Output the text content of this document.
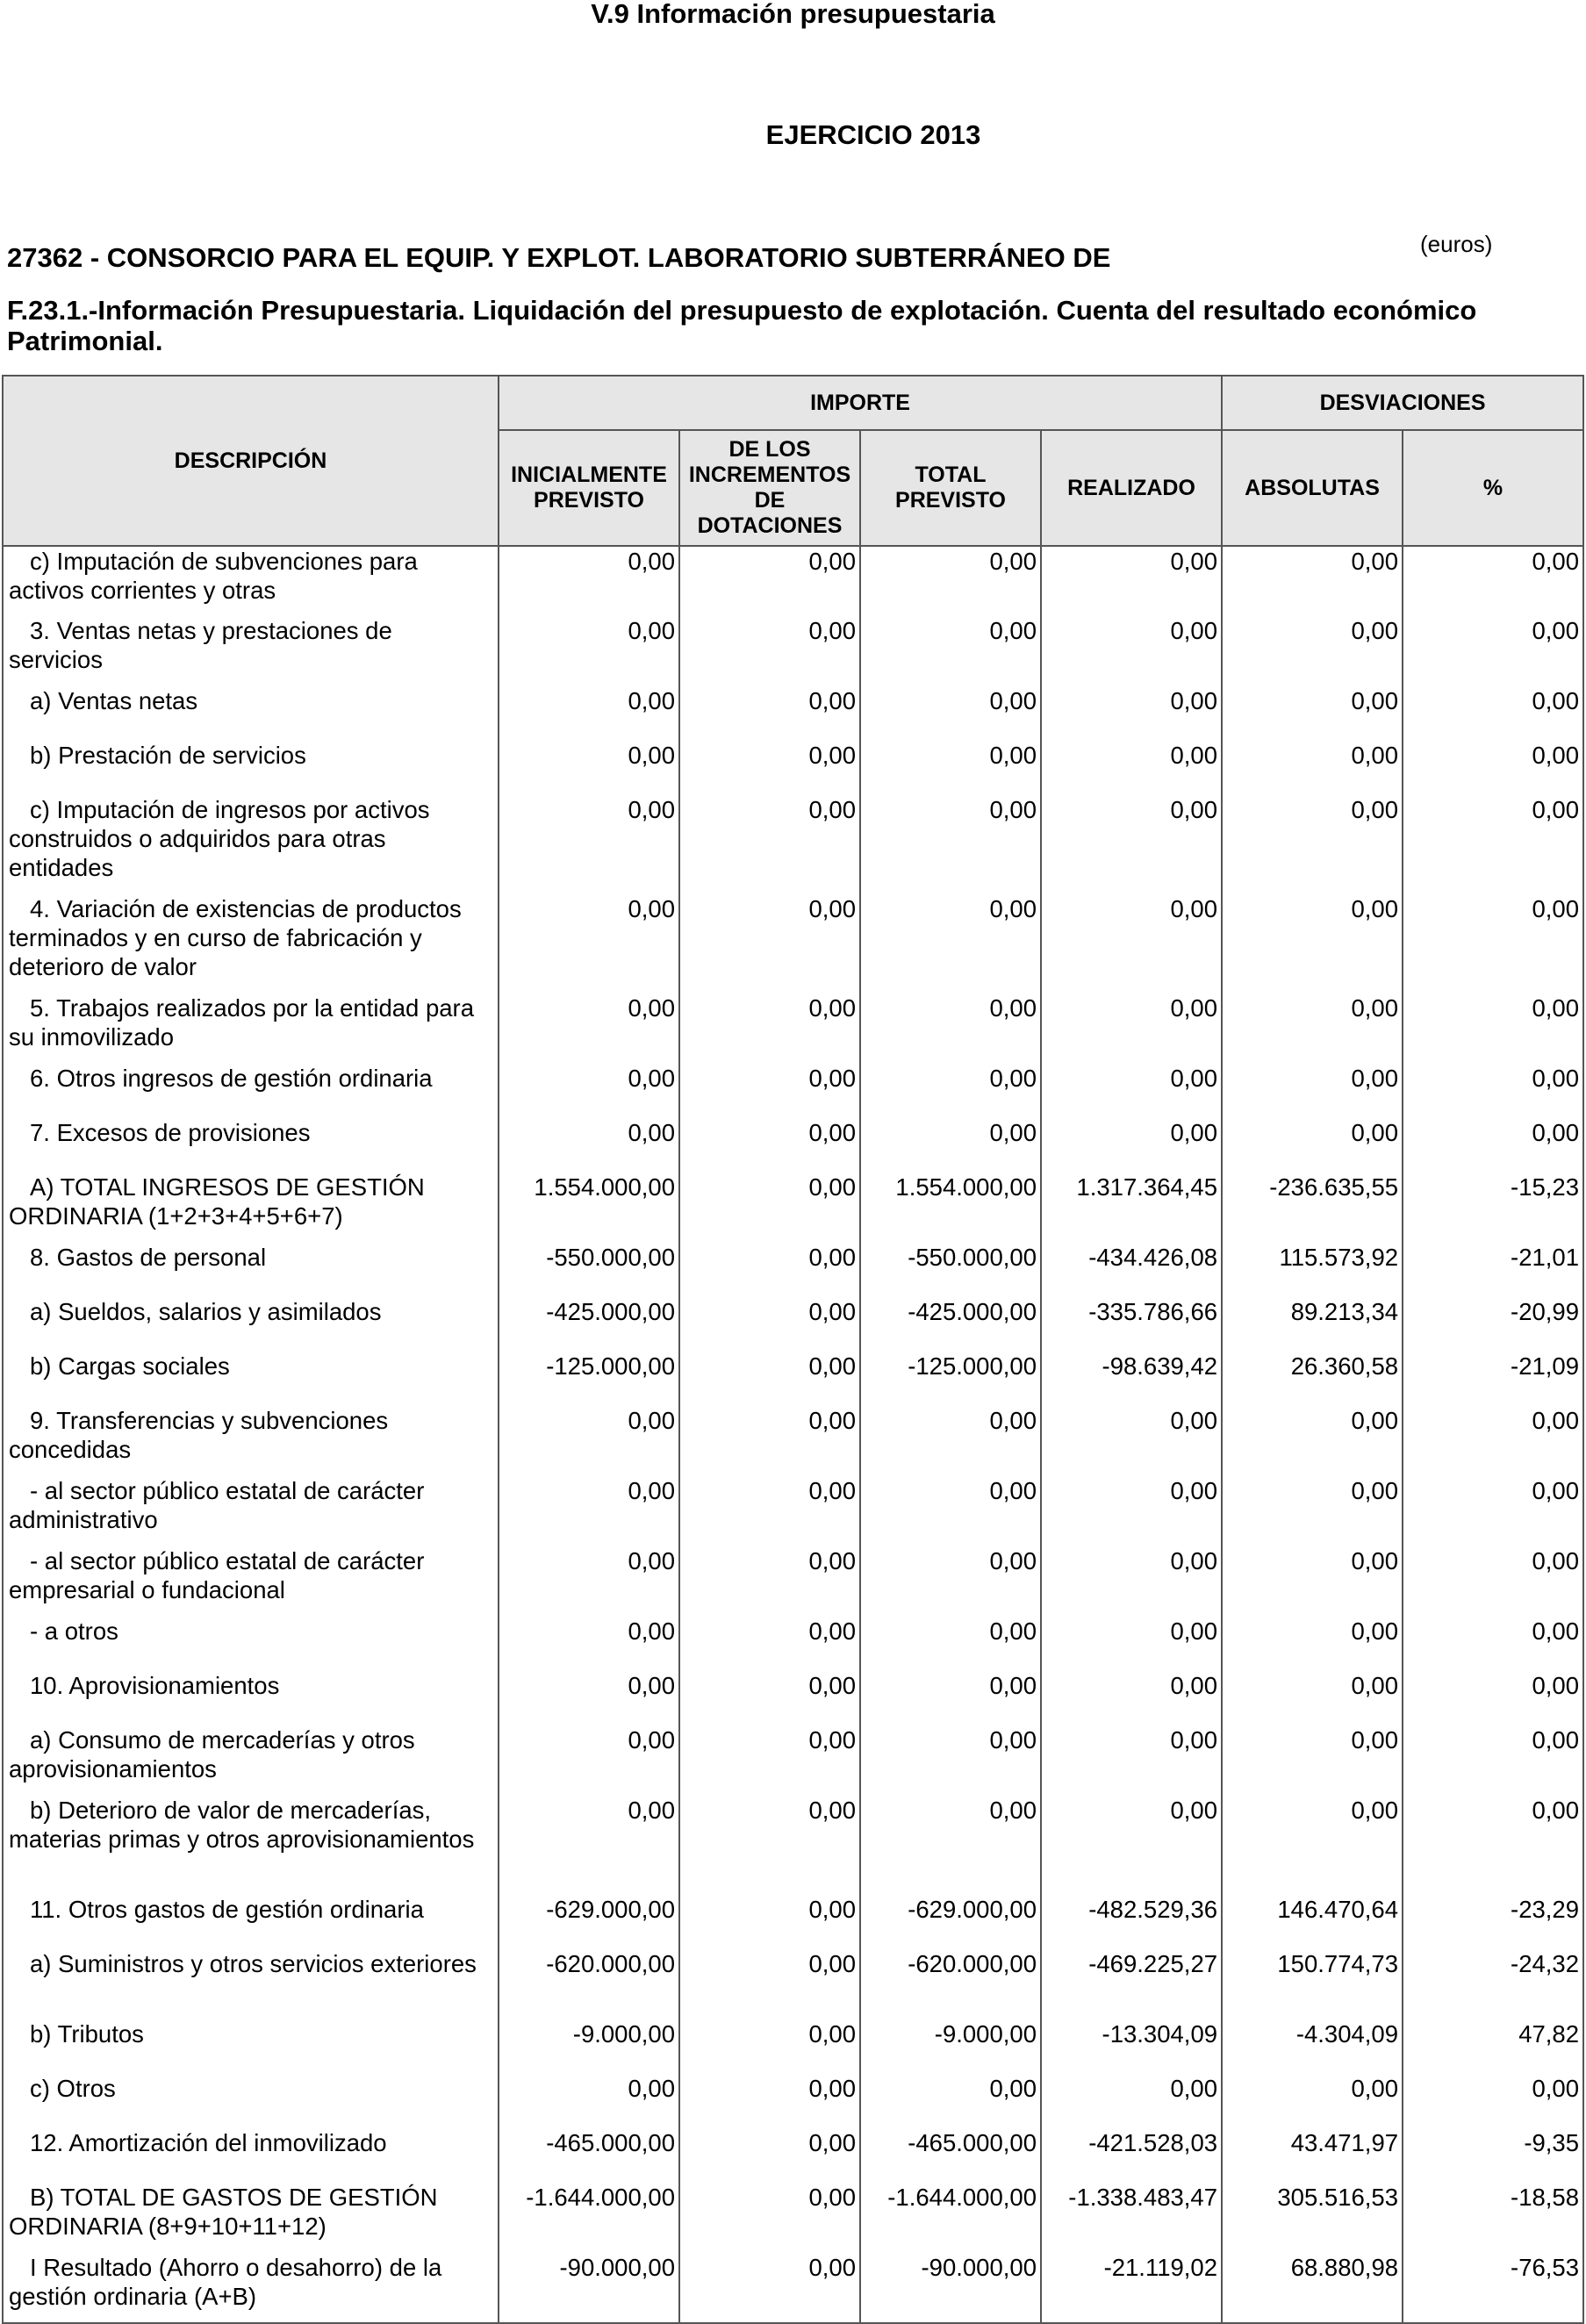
V.9 Información presupuestaria
EJERCICIO 2013
(euros)
27362 - CONSORCIO PARA EL EQUIP. Y EXPLOT. LABORATORIO SUBTERRÁNEO DE
F.23.1.-Información Presupuestaria. Liquidación del presupuesto de explotación. Cuenta del resultado económico Patrimonial.
DESCRIPCIÓN	IMPORTE				DESVIACIONES	
	INICIALMENTE PREVISTO	DE LOS INCREMENTOS DE DOTACIONES	TOTAL PREVISTO	REALIZADO	ABSOLUTAS	%
c) Imputación de subvenciones para activos corrientes y otras	0,00	0,00	0,00	0,00	0,00	0,00
3. Ventas netas y prestaciones de servicios	0,00	0,00	0,00	0,00	0,00	0,00
a) Ventas netas	0,00	0,00	0,00	0,00	0,00	0,00
b) Prestación de servicios	0,00	0,00	0,00	0,00	0,00	0,00
c) Imputación de ingresos por activos construidos o adquiridos para otras entidades	0,00	0,00	0,00	0,00	0,00	0,00
4. Variación de existencias de productos terminados y en curso de fabricación y deterioro de valor	0,00	0,00	0,00	0,00	0,00	0,00
5. Trabajos realizados por la entidad para su inmovilizado	0,00	0,00	0,00	0,00	0,00	0,00
6. Otros ingresos de gestión ordinaria	0,00	0,00	0,00	0,00	0,00	0,00
7. Excesos de provisiones	0,00	0,00	0,00	0,00	0,00	0,00
A) TOTAL INGRESOS DE GESTIÓN ORDINARIA (1+2+3+4+5+6+7)	1.554.000,00	0,00	1.554.000,00	1.317.364,45	-236.635,55	-15,23
8. Gastos de personal	-550.000,00	0,00	-550.000,00	-434.426,08	115.573,92	-21,01
a) Sueldos, salarios y asimilados	-425.000,00	0,00	-425.000,00	-335.786,66	89.213,34	-20,99
b) Cargas sociales	-125.000,00	0,00	-125.000,00	-98.639,42	26.360,58	-21,09
9. Transferencias y subvenciones concedidas	0,00	0,00	0,00	0,00	0,00	0,00
- al sector público estatal de carácter administrativo	0,00	0,00	0,00	0,00	0,00	0,00
- al sector público estatal de carácter empresarial o fundacional	0,00	0,00	0,00	0,00	0,00	0,00
- a otros	0,00	0,00	0,00	0,00	0,00	0,00
10. Aprovisionamientos	0,00	0,00	0,00	0,00	0,00	0,00
a) Consumo de mercaderías y otros aprovisionamientos	0,00	0,00	0,00	0,00	0,00	0,00
b) Deterioro de valor de mercaderías, materias primas y otros aprovisionamientos	0,00	0,00	0,00	0,00	0,00	0,00
11. Otros gastos de gestión ordinaria	-629.000,00	0,00	-629.000,00	-482.529,36	146.470,64	-23,29
a) Suministros y otros servicios exteriores	-620.000,00	0,00	-620.000,00	-469.225,27	150.774,73	-24,32
b) Tributos	-9.000,00	0,00	-9.000,00	-13.304,09	-4.304,09	47,82
c) Otros	0,00	0,00	0,00	0,00	0,00	0,00
12. Amortización del inmovilizado	-465.000,00	0,00	-465.000,00	-421.528,03	43.471,97	-9,35
B) TOTAL DE GASTOS DE GESTIÓN ORDINARIA (8+9+10+11+12)	-1.644.000,00	0,00	-1.644.000,00	-1.338.483,47	305.516,53	-18,58
I Resultado (Ahorro o desahorro) de la gestión ordinaria (A+B)	-90.000,00	0,00	-90.000,00	-21.119,02	68.880,98	-76,53
